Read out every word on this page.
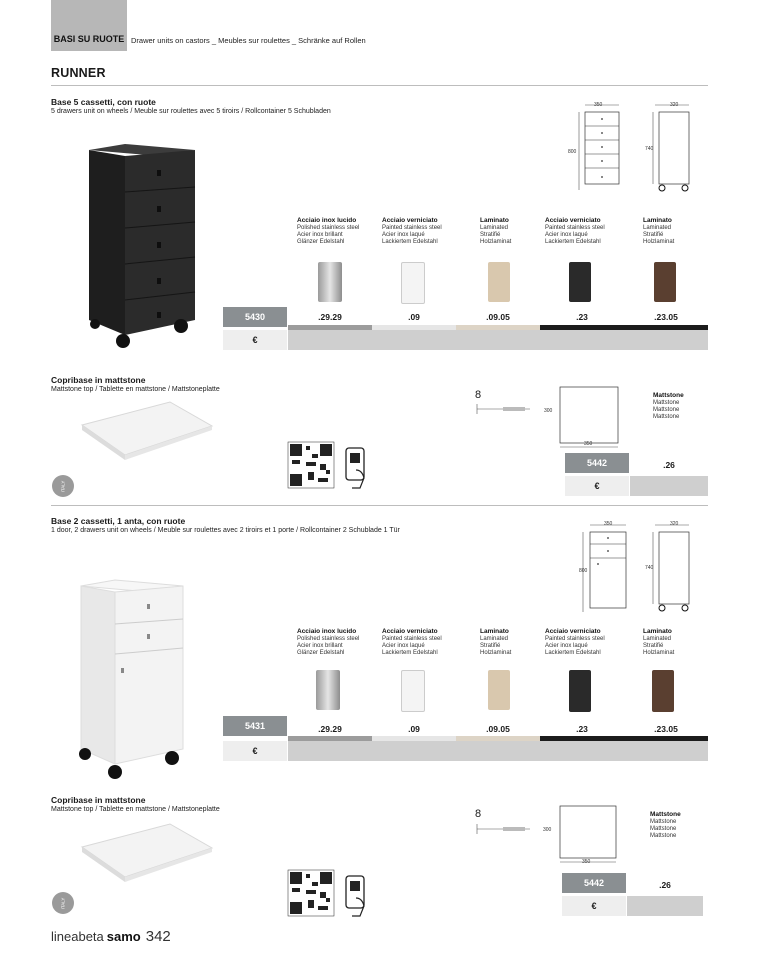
BASI SU RUOTE Drawer units on castors _ Meubles sur roulettes _ Schränke auf Rollen
RUNNER
Base 5 cassetti, con ruote
5 drawers unit on wheels / Meuble sur roulettes avec 5 tiroirs / Rollcontainer 5 Schubladen
350	320
800	740
Acciaio inox lucido
Polished stainless steel
Acier inox brillant
Glänzer Edelstahl
Acciaio verniciato
Painted stainless steel
Acier inox laqué
Lackiertem Edelstahl
Laminato
Laminated
Stratifié
Holzlaminat
Acciaio verniciato
Painted stainless steel
Acier inox laqué
Lackiertem Edelstahl
Laminato
Laminated
Stratifié
Holzlaminat
5430	.29.29	.09	.09.05	.23	.23.05
€
Copribase in mattstone
Mattstone top / Tablette en mattstone / Mattstoneplatte
ITALY
8
300
350
Mattstone
Mattstone
Mattstone
Mattstone
5442	.26
€
Base 2 cassetti, 1 anta, con ruote
1 door, 2 drawers unit on wheels / Meuble sur roulettes avec 2 tiroirs et 1 porte / Rollcontainer 2 Schublade 1 Tür
350	320
800	740
Acciaio inox lucido
Polished stainless steel
Acier inox brillant
Glänzer Edelstahl
Acciaio verniciato
Painted stainless steel
Acier inox laqué
Lackiertem Edelstahl
Laminato
Laminated
Stratifié
Holzlaminat
Acciaio verniciato
Painted stainless steel
Acier inox laqué
Lackiertem Edelstahl
Laminato
Laminated
Stratifié
Holzlaminat
5431	.29.29	.09	.09.05	.23	.23.05
€
Copribase in mattstone
Mattstone top / Tablette en mattstone / Mattstoneplatte
ITALY
8
300
350
Mattstone
Mattstone
Mattstone
Mattstone
5442	.26
€
lineabeta samo 342
